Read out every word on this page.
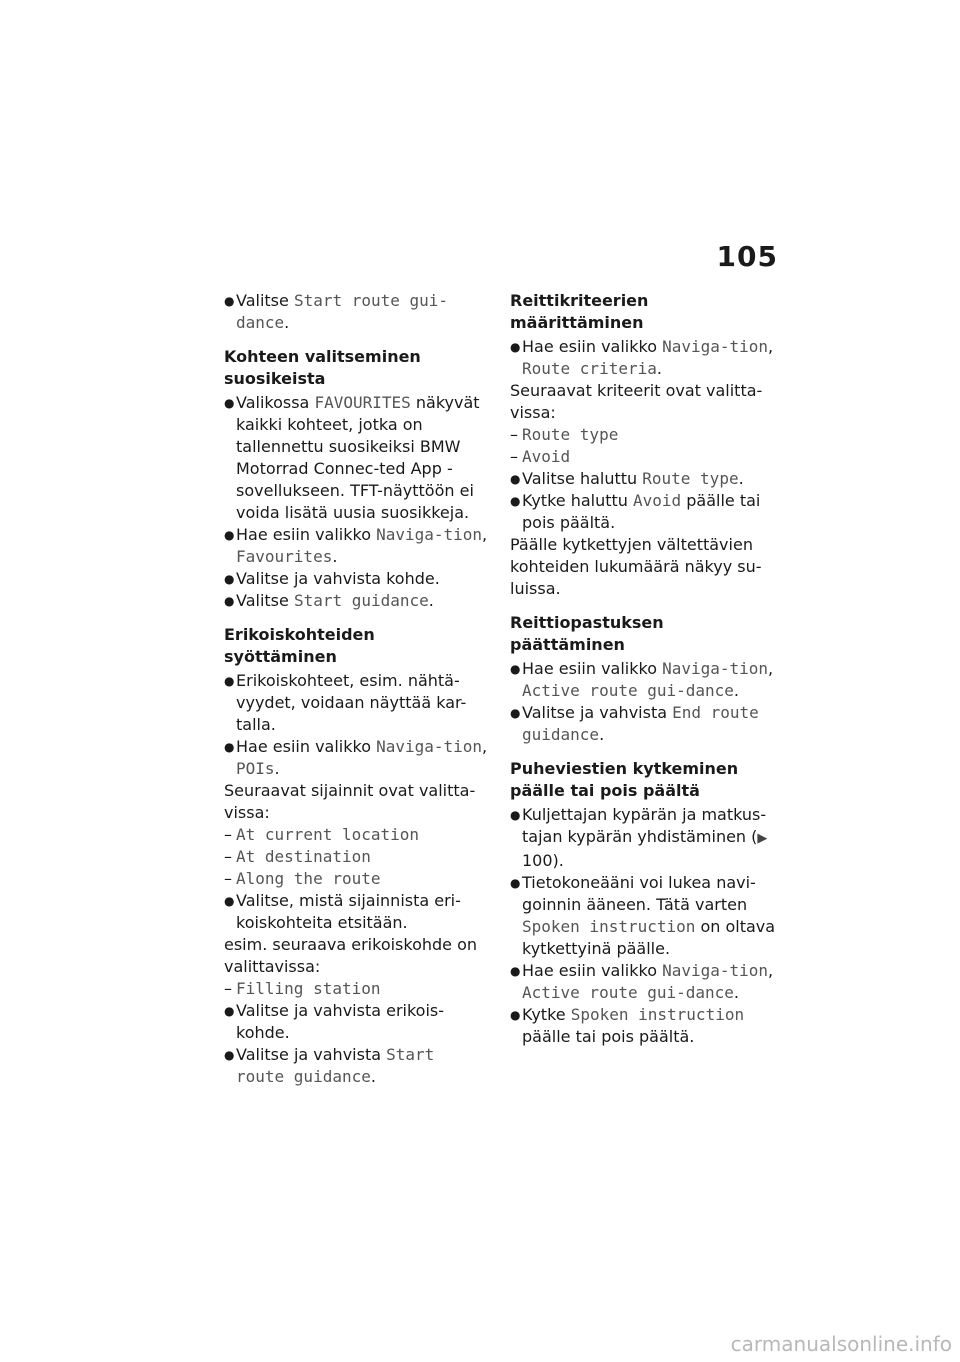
105
● Valitse Start route gui-dance.
Kohteen valitseminen suosikeista
● Valikossa FAVOURITES näkyvät kaikki kohteet, jotka on tallennettu suosikeiksi BMW Motorrad Connec-ted App -sovellukseen. TFT-näyttöön ei voida lisätä uusia suosikkeja.
● Hae esiin valikko Naviga-tion, Favourites.
● Valitse ja vahvista kohde.
● Valitse Start guidance.
Erikoiskohteiden syöttäminen
● Erikoiskohteet, esim. nähtä-vyydet, voidaan näyttää kar-talla.
● Hae esiin valikko Naviga-tion, POIs.

Seuraavat sijainnit ovat valitta-vissa:

– At current location
– At destination
– Along the route
● Valitse, mistä sijainnista eri-koiskohteita etsitään.

esim. seuraava erikoiskohde on valittavissa:

– Filling station
● Valitse ja vahvista erikois-kohde.
● Valitse ja vahvista Start route guidance.
Reittikriteerien määrittäminen
● Hae esiin valikko Naviga-tion, Route criteria.

Seuraavat kriteerit ovat valitta-vissa:

– Route type
– Avoid
● Valitse haluttu Route type.
● Kytke haluttu Avoid päälle tai pois päältä.

Päälle kytkettyjen vältettävien kohteiden lukumäärä näkyy su-luissa.

Reittiopastuksen päättäminen
● Hae esiin valikko Naviga-tion, Active route gui-dance.
● Valitse ja vahvista End route guidance.
Puheviestien kytkeminen päälle tai pois päältä
● Kuljettajan kypärän ja matkus-tajan kypärän yhdistäminen (▶ 100).
● Tietokoneääni voi lukea navi-goinnin ääneen. Tätä varten Spoken instruction on oltava kytkettyinä päälle.
● Hae esiin valikko Naviga-tion, Active route gui-dance.
● Kytke Spoken instruction päälle tai pois päältä.
carmanualsonline.info
